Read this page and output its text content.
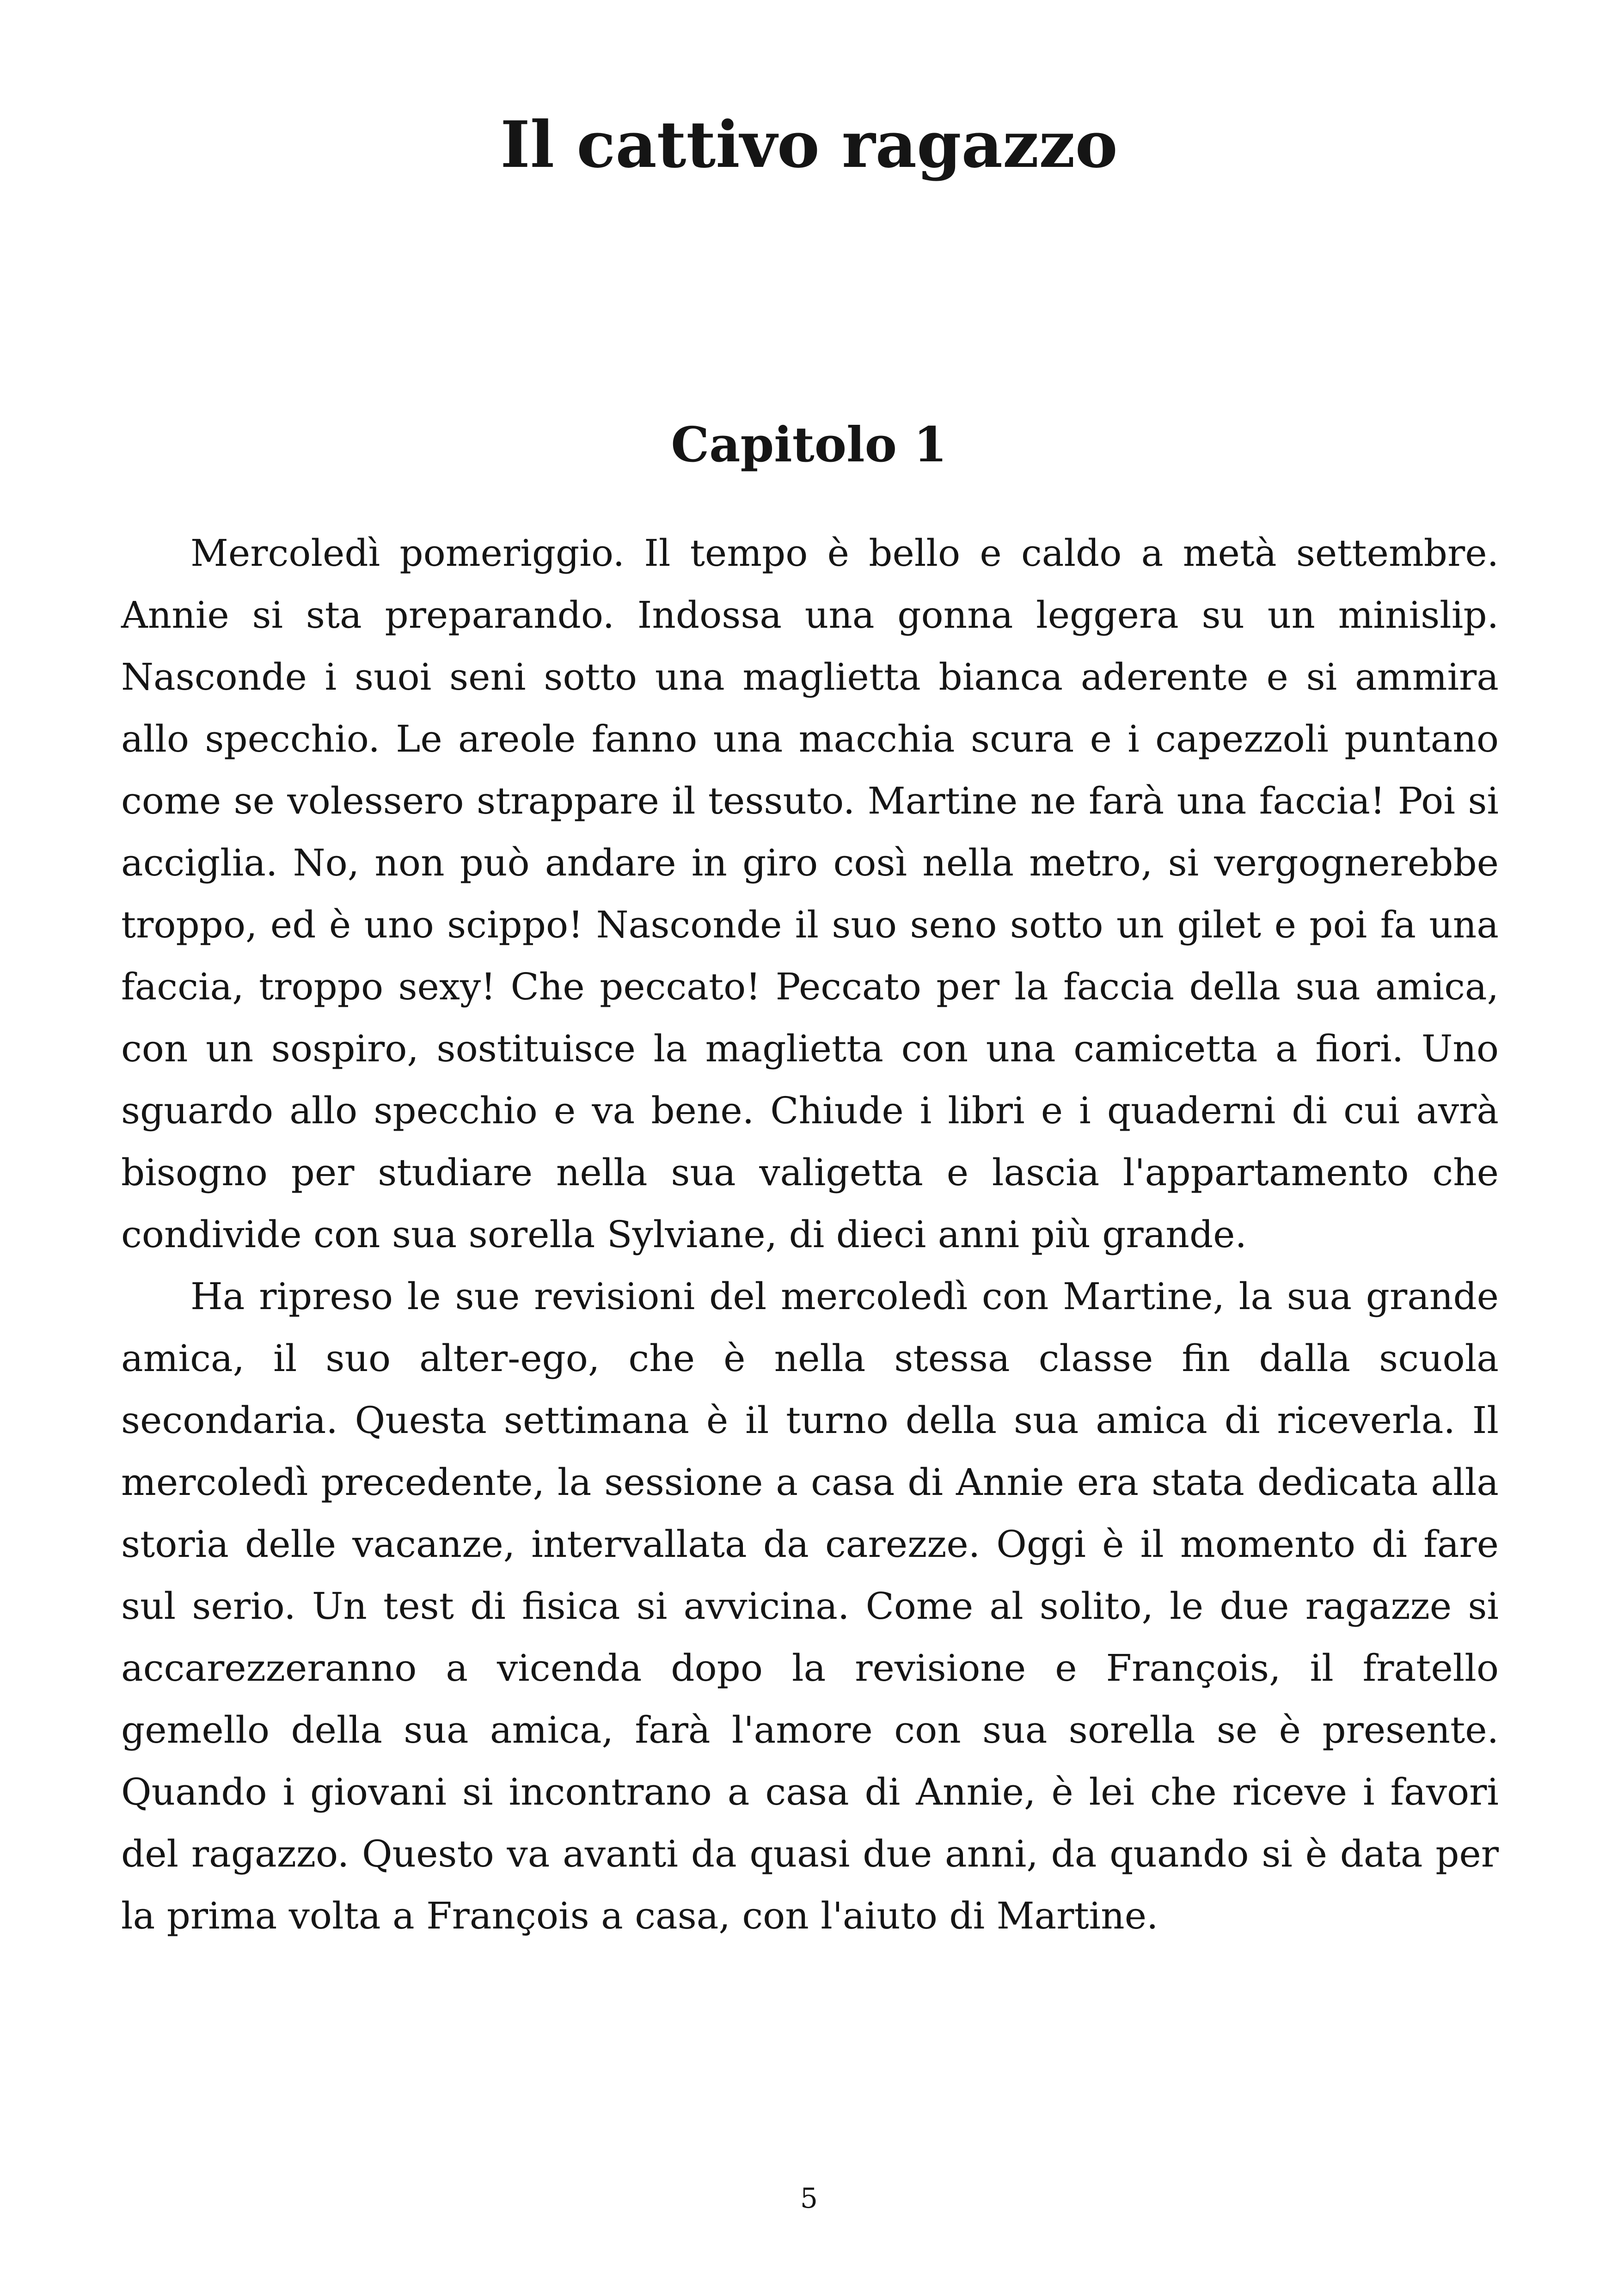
Il cattivo ragazzo
Capitolo 1

Mercoledì pomeriggio. Il tempo è bello e caldo a metà settembre. Annie si sta preparando. Indossa una gonna leggera su un minislip. Nasconde i suoi seni sotto una maglietta bianca aderente e si ammira allo specchio. Le areole fanno una macchia scura e i capezzoli puntano come se volessero strappare il tessuto. Martine ne farà una faccia! Poi si acciglia. No, non può andare in giro così nella metro, si vergognerebbe troppo, ed è uno scippo! Nasconde il suo seno sotto un gilet e poi fa una faccia, troppo sexy! Che peccato! Peccato per la faccia della sua amica, con un sospiro, sostituisce la maglietta con una camicetta a fiori. Uno sguardo allo specchio e va bene. Chiude i libri e i quaderni di cui avrà bisogno per studiare nella sua valigetta e lascia l'appartamento che condivide con sua sorella Sylviane, di dieci anni più grande.

Ha ripreso le sue revisioni del mercoledì con Martine, la sua grande amica, il suo alter-ego, che è nella stessa classe fin dalla scuola secondaria. Questa settimana è il turno della sua amica di riceverla. Il mercoledì precedente, la sessione a casa di Annie era stata dedicata alla storia delle vacanze, intervallata da carezze. Oggi è il momento di fare sul serio. Un test di fisica si avvicina. Come al solito, le due ragazze si accarezzeranno a vicenda dopo la revisione e François, il fratello gemello della sua amica, farà l'amore con sua sorella se è presente. Quando i giovani si incontrano a casa di Annie, è lei che riceve i favori del ragazzo. Questo va avanti da quasi due anni, da quando si è data per la prima volta a François a casa, con l'aiuto di Martine.

5
